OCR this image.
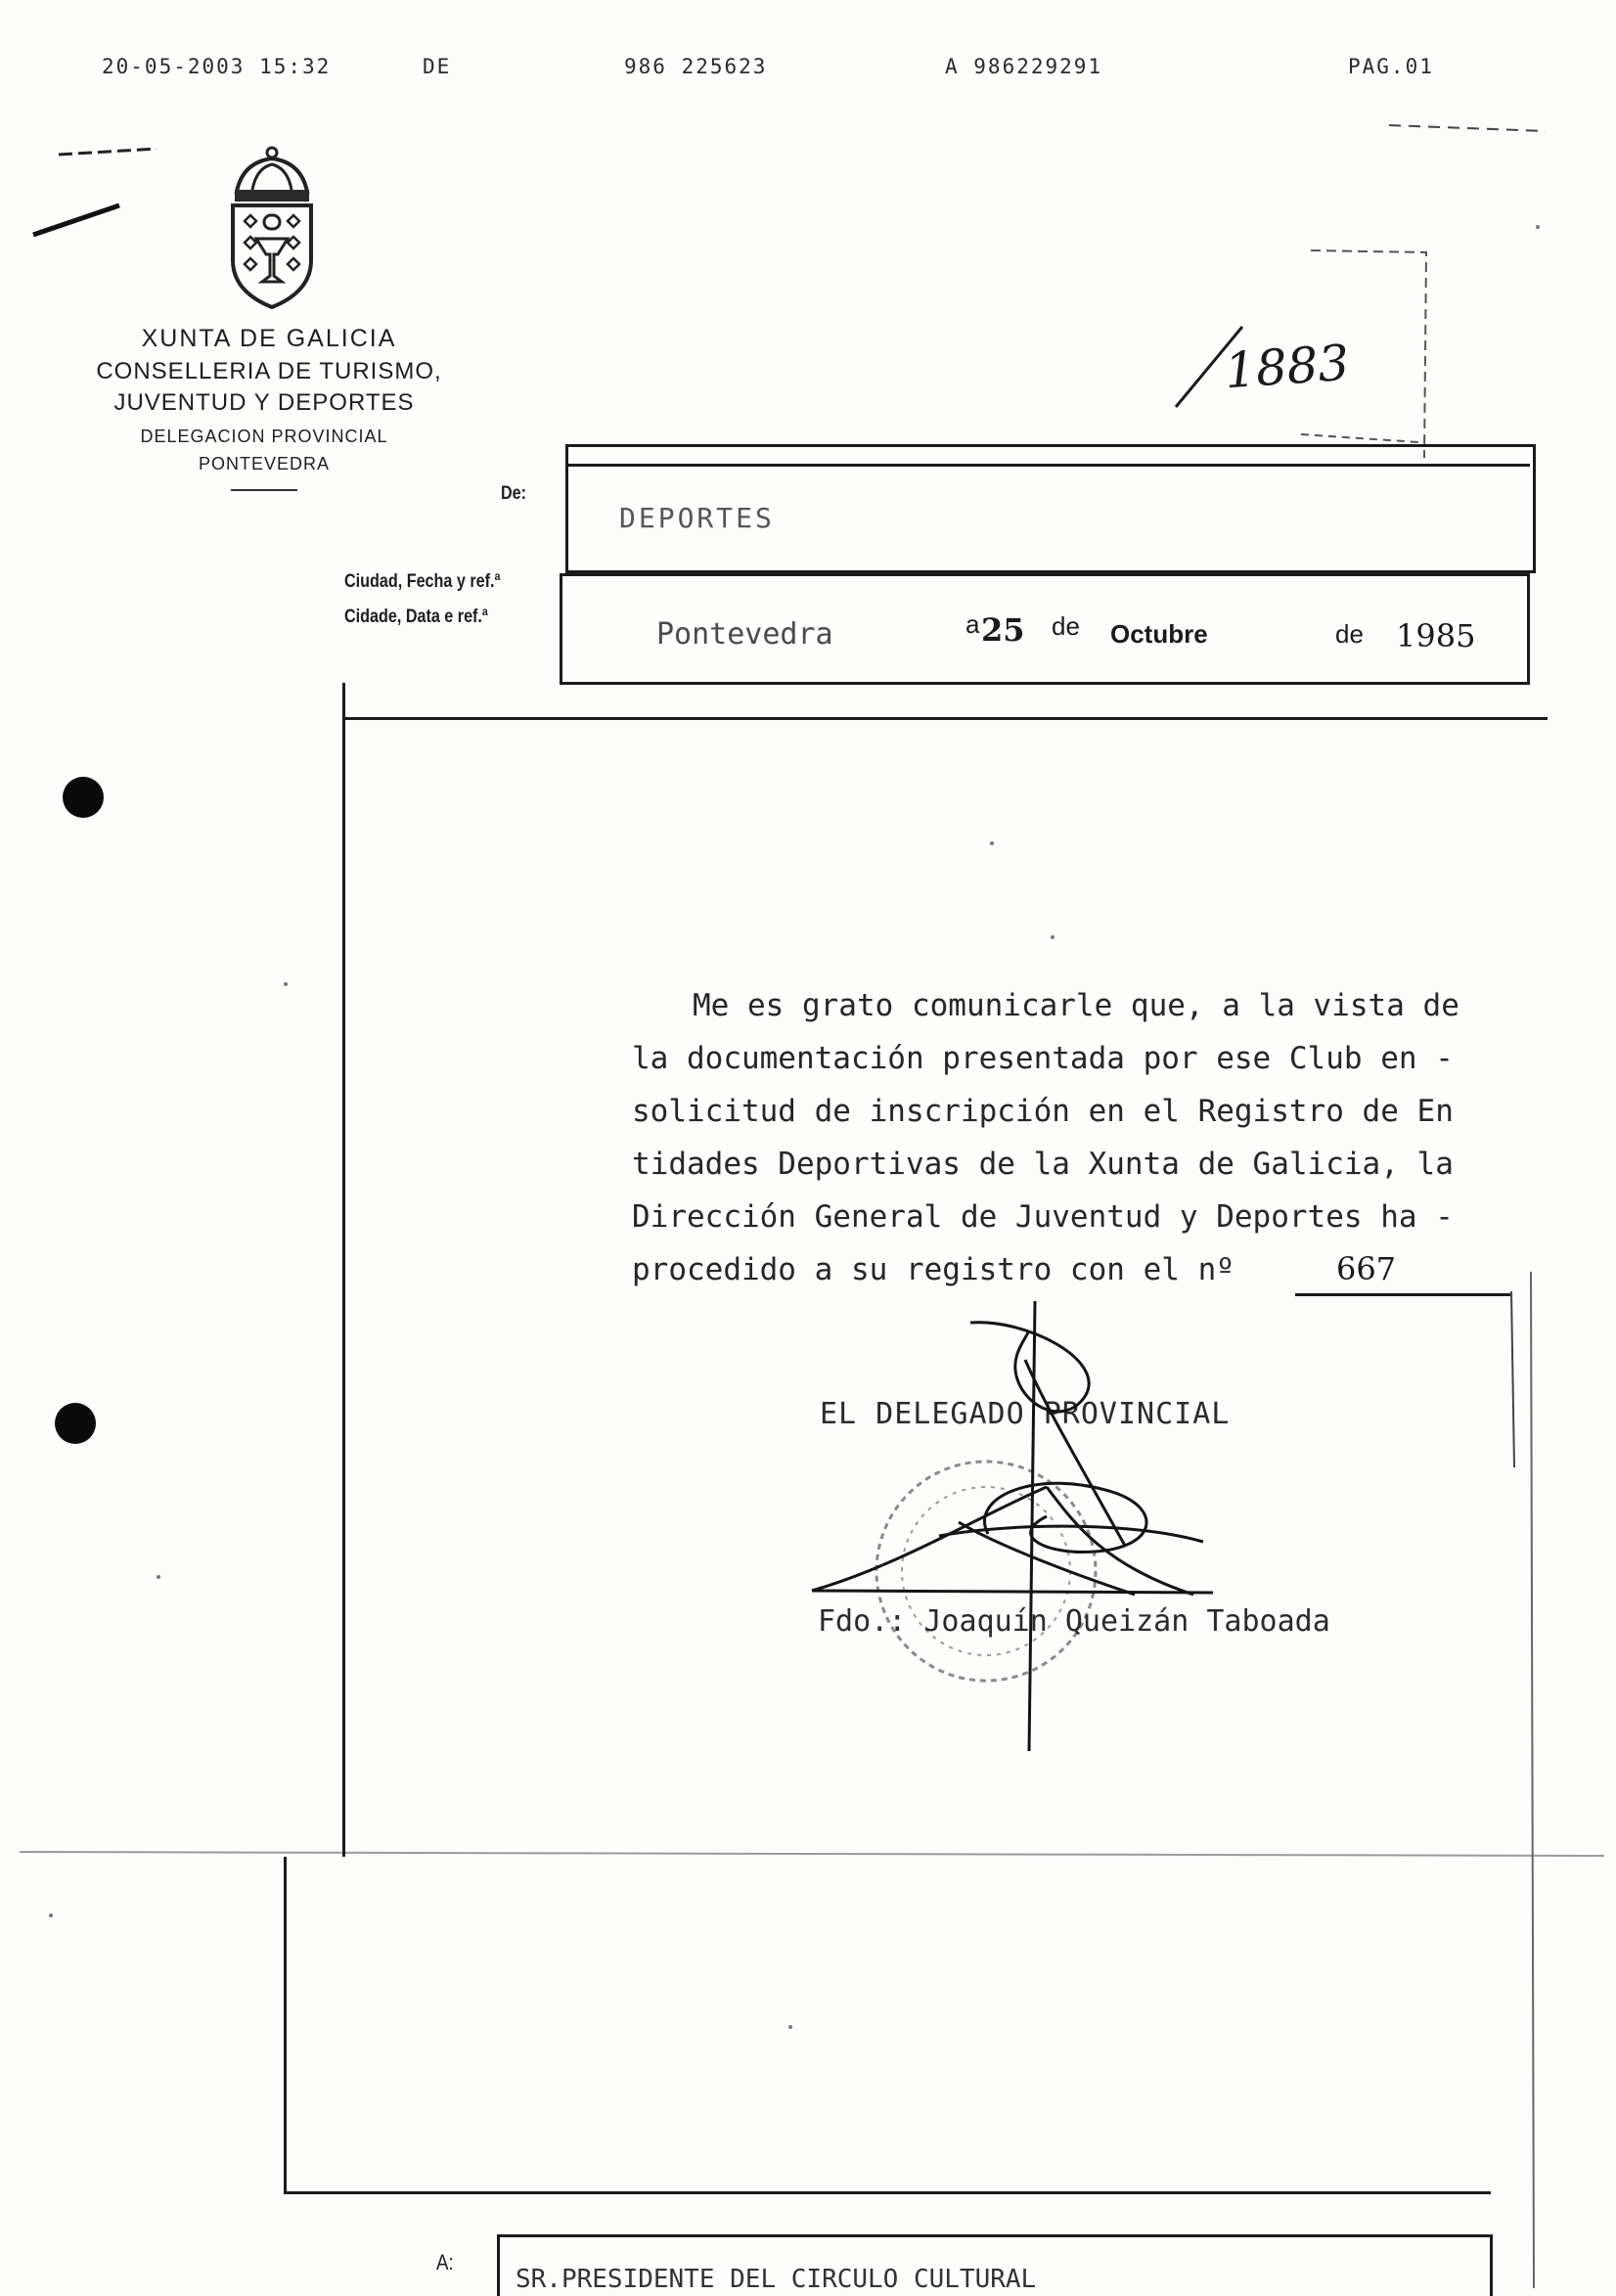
20-05-2003 15:32	DE	986 225623	A 986229291	PAG.01
XUNTA DE GALICIA
CONSELLERIA DE TURISMO,
JUVENTUD Y DEPORTES
DELEGACION PROVINCIAL
PONTEVEDRA
1883
De:
DEPORTES
Ciudad, Fecha y ref.ª
Cidade, Data e ref.ª
Pontevedra	a 25 de Octubre	de 1985
Me es grato comunicarle que, a la vista de
la documentación presentada por ese Club en -
solicitud de inscripción en el Registro de En
tidades Deportivas de la Xunta de Galicia, la
Dirección General de Juventud y Deportes ha -
procedido a su registro con el nº	667
EL DELEGADO PROVINCIAL
Fdo.: Joaquín Queizán Taboada
A:
SR.PRESIDENTE DEL CIRCULO CULTURAL
